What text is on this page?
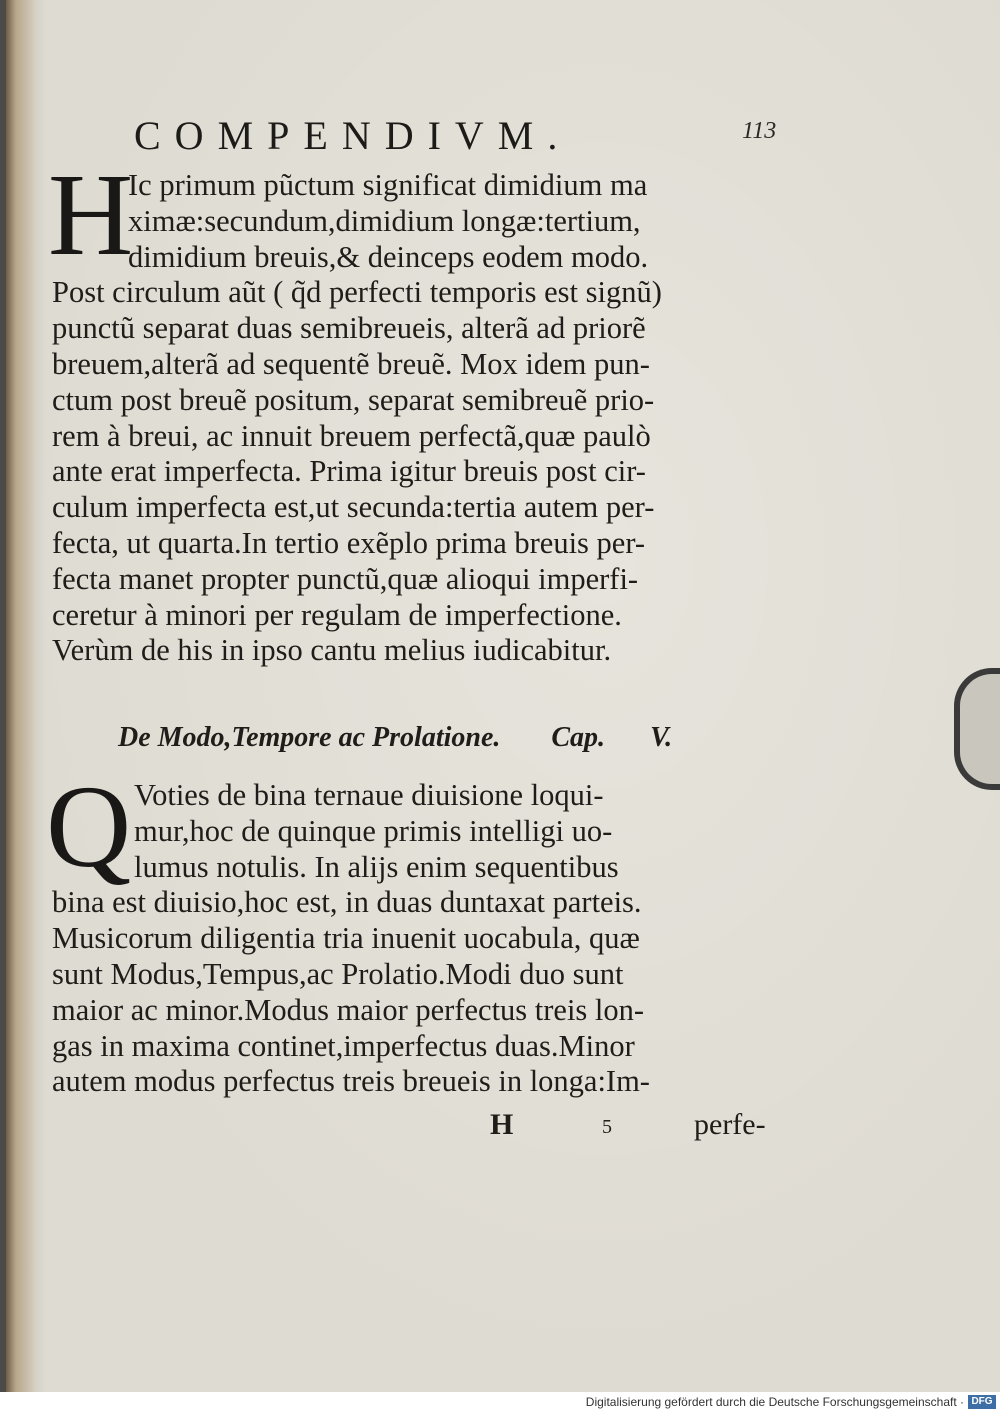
COMPENDIVM.	113
H
Ic primum pũctum significat dimidium ma
ximæ:secundum,dimidium longæ:tertium,
dimidium breuis,& deinceps eodem modo.
Post circulum aũt ( q̃d perfecti temporis est signũ)
punctũ separat duas semibreueis, alterã ad priorẽ
breuem,alterã ad sequentẽ breuẽ. Mox idem pun-
ctum post breuẽ positum, separat semibreuẽ prio-
rem à breui, ac innuit breuem perfectã,quæ paulò
ante erat imperfecta. Prima igitur breuis post cir-
culum imperfecta est,ut secunda:tertia autem per-
fecta, ut quarta.In tertio exẽplo prima breuis per-
fecta manet propter punctũ,quæ alioqui imperfi-
ceretur à minori per regulam de imperfectione.
Verùm de his in ipso cantu melius iudicabitur.
De Modo,Tempore ac Prolatione. Cap. V.
Q Voties de bina ternaue diuisione loqui-
mur,hoc de quinque primis intelligi uo-
lumus notulis. In alijs enim sequentibus
bina est diuisio,hoc est, in duas duntaxat parteis.
Musicorum diligentia tria inuenit uocabula, quæ
sunt Modus,Tempus,ac Prolatio.Modi duo sunt
maior ac minor.Modus maior perfectus treis lon-
gas in maxima continet,imperfectus duas.Minor
autem modus perfectus treis breueis in longa:Im-
H	5	perfe-
Digitalisierung gefördert durch die Deutsche Forschungsgemeinschaft · DFG
